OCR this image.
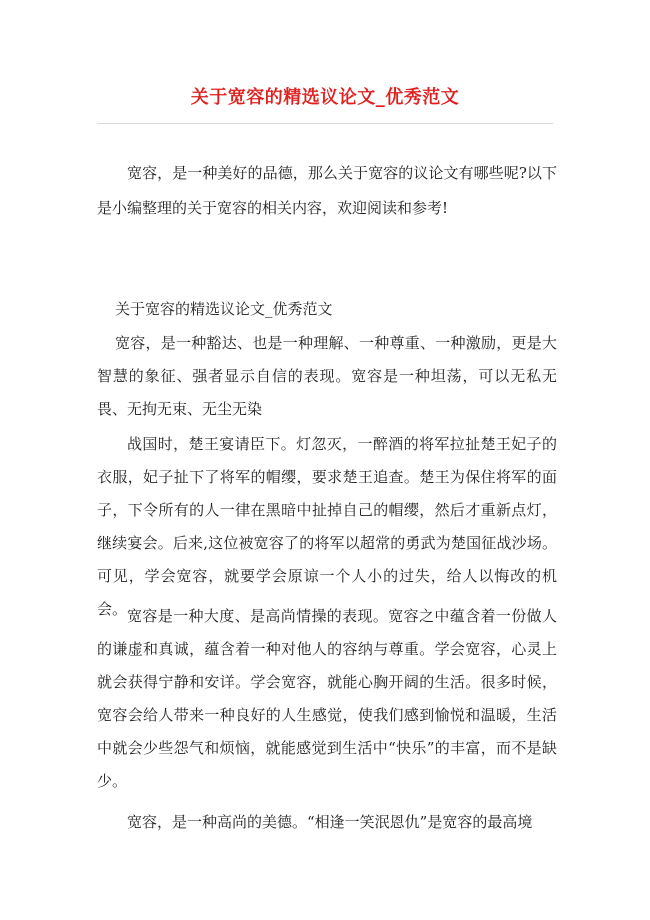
关于宽容的精选议论文_优秀范文

宽容，是一种美好的品德，那么关于宽容的议论文有哪些呢?以下是小编整理的关于宽容的相关内容，欢迎阅读和参考!

关于宽容的精选议论文_优秀范文

宽容，是一种豁达、也是一种理解、一种尊重、一种激励，更是大智慧的象征、强者显示自信的表现。宽容是一种坦荡，可以无私无畏、无拘无束、无尘无染

战国时，楚王宴请臣下。灯忽灭，一醉酒的将军拉扯楚王妃子的衣服，妃子扯下了将军的帽缨，要求楚王追查。楚王为保住将军的面子，下令所有的人一律在黑暗中扯掉自己的帽缨，然后才重新点灯，继续宴会。后来,这位被宽容了的将军以超常的勇武为楚国征战沙场。可见，学会宽容，就要学会原谅一个人小的过失，给人以悔改的机会。 宽容是一种大度、是高尚情操的表现。宽容之中蕴含着一份做人的谦虚和真诚，蕴含着一种对他人的容纳与尊重。学会宽容，心灵上就会获得宁静和安详。学会宽容，就能心胸开阔的生活。很多时候，宽容会给人带来一种良好的人生感觉，使我们感到愉悦和温暖，生活中就会少些怨气和烦恼，就能感觉到生活中“快乐”的丰富，而不是缺少。

宽容，是一种高尚的美德。“相逢一笑泯恩仇”是宽容的最高境
